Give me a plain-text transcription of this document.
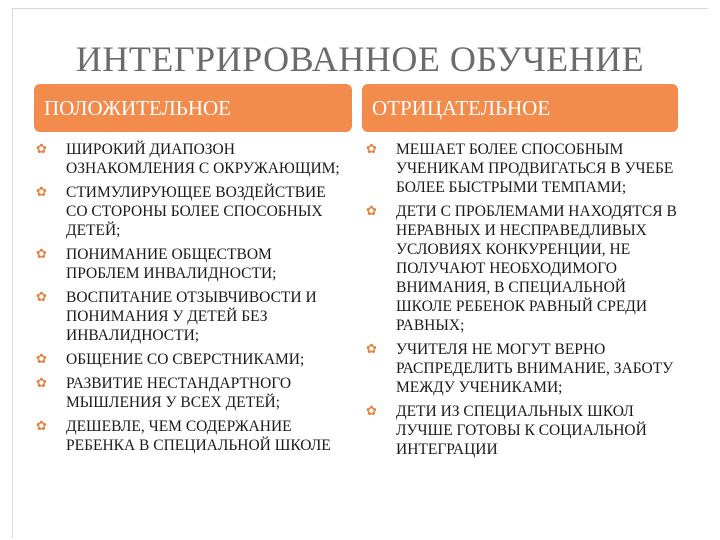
ИНТЕГРИРОВАННОЕ ОБУЧЕНИЕ
ПОЛОЖИТЕЛЬНОЕ	ОТРИЦАТЕЛЬНОЕ
✿ ШИРОКИЙ ДИАПОЗОН ОЗНАКОМЛЕНИЯ С ОКРУЖАЮЩИМ;
✿ СТИМУЛИРУЮЩЕЕ ВОЗДЕЙСТВИЕ СО СТОРОНЫ БОЛЕЕ СПОСОБНЫХ ДЕТЕЙ;
✿ ПОНИМАНИЕ ОБЩЕСТВОМ ПРОБЛЕМ ИНВАЛИДНОСТИ;
✿ ВОСПИТАНИЕ ОТЗЫВЧИВОСТИ И ПОНИМАНИЯ У ДЕТЕЙ БЕЗ ИНВАЛИДНОСТИ;
✿ ОБЩЕНИЕ СО СВЕРСТНИКАМИ;
✿ РАЗВИТИЕ НЕСТАНДАРТНОГО МЫШЛЕНИЯ У ВСЕХ ДЕТЕЙ;
✿ ДЕШЕВЛЕ, ЧЕМ СОДЕРЖАНИЕ РЕБЕНКА В СПЕЦИАЛЬНОЙ ШКОЛЕ
✿ МЕШАЕТ БОЛЕЕ СПОСОБНЫМ УЧЕНИКАМ ПРОДВИГАТЬСЯ В УЧЕБЕ БОЛЕЕ БЫСТРЫМИ ТЕМПАМИ;
✿ ДЕТИ С ПРОБЛЕМАМИ НАХОДЯТСЯ В НЕРАВНЫХ И НЕСПРАВЕДЛИВЫХ УСЛОВИЯХ КОНКУРЕНЦИИ, НЕ ПОЛУЧАЮТ НЕОБХОДИМОГО ВНИМАНИЯ, В СПЕЦИАЛЬНОЙ ШКОЛЕ РЕБЕНОК РАВНЫЙ СРЕДИ РАВНЫХ;
✿ УЧИТЕЛЯ НЕ МОГУТ ВЕРНО РАСПРЕДЕЛИТЬ ВНИМАНИЕ, ЗАБОТУ МЕЖДУ УЧЕНИКАМИ;
✿ ДЕТИ ИЗ СПЕЦИАЛЬНЫХ ШКОЛ ЛУЧШЕ ГОТОВЫ К СОЦИАЛЬНОЙ ИНТЕГРАЦИИ
